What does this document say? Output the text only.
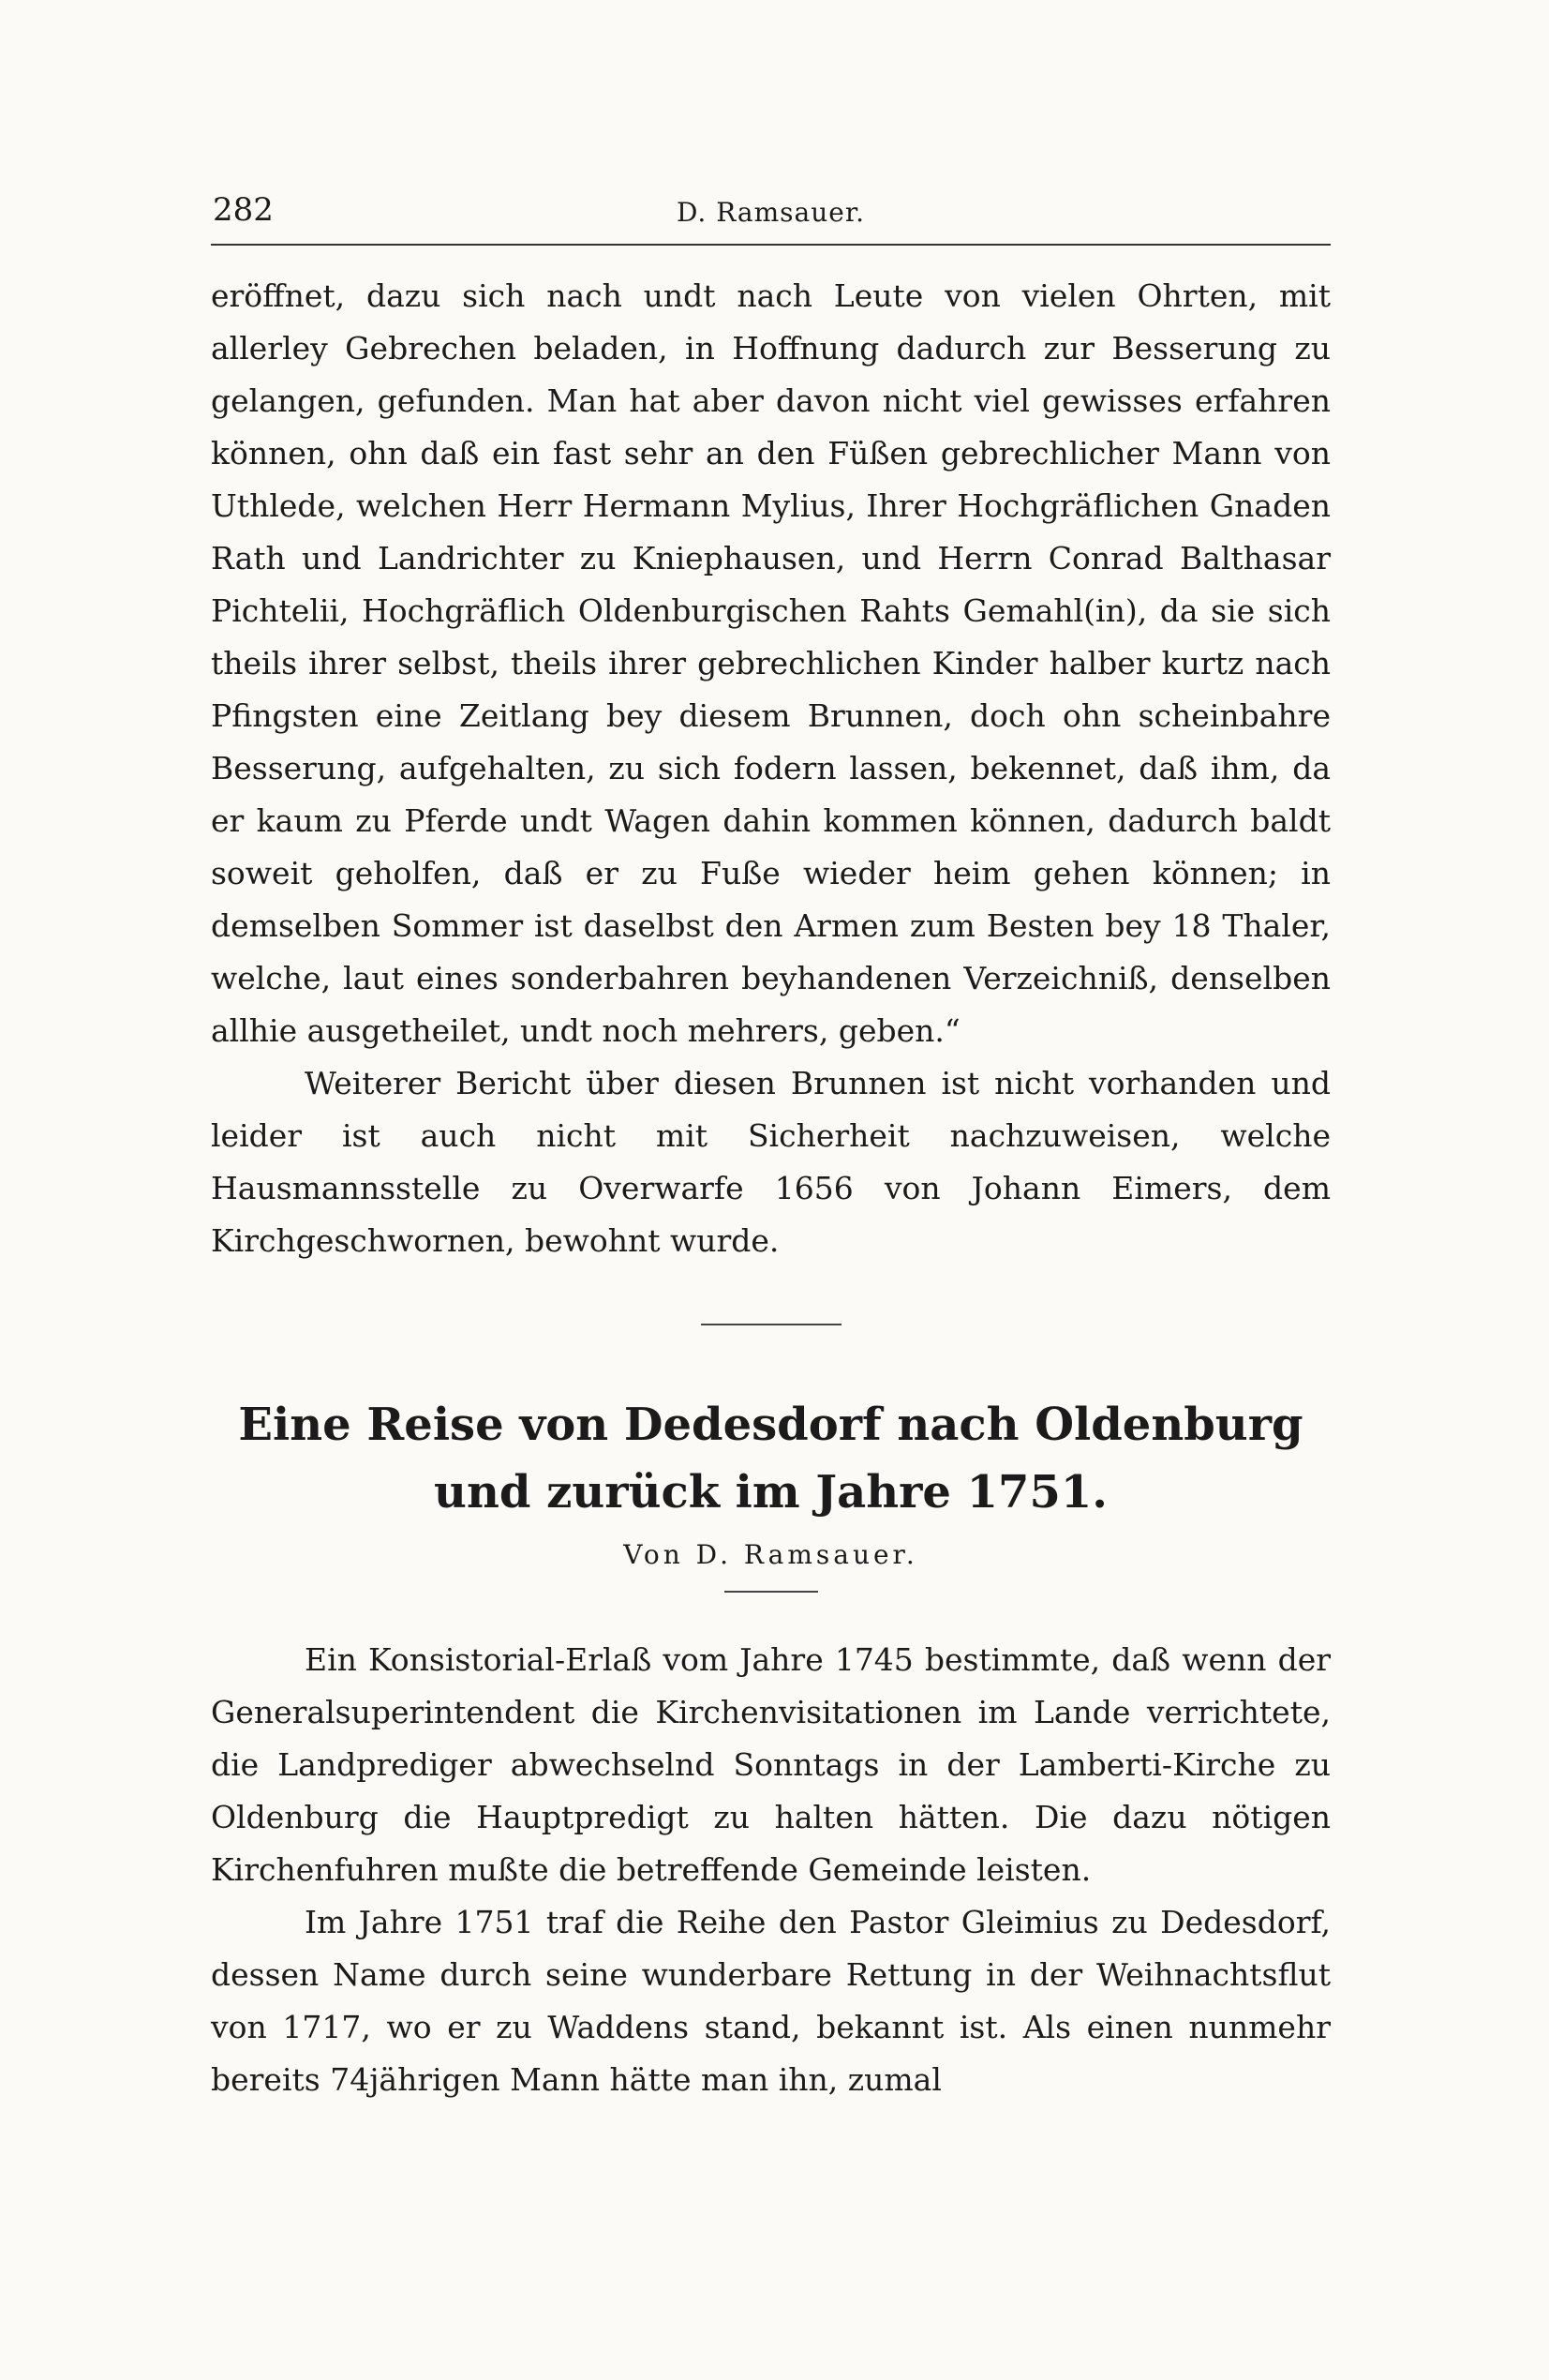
282	D. Ramsauer.

eröffnet, dazu sich nach undt nach Leute von vielen Ohrten, mit allerley Gebrechen beladen, in Hoffnung dadurch zur Besserung zu gelangen, gefunden. Man hat aber davon nicht viel gewisses erfahren können, ohn daß ein fast sehr an den Füßen gebrechlicher Mann von Uthlede, welchen Herr Hermann Mylius, Ihrer Hochgräflichen Gnaden Rath und Landrichter zu Kniephausen, und Herrn Conrad Balthasar Pichtelii, Hochgräflich Oldenburgischen Rahts Gemahl(in), da sie sich theils ihrer selbst, theils ihrer gebrechlichen Kinder halber kurtz nach Pfingsten eine Zeitlang bey diesem Brunnen, doch ohn scheinbahre Besserung, aufgehalten, zu sich fodern lassen, bekennet, daß ihm, da er kaum zu Pferde undt Wagen dahin kommen können, dadurch baldt soweit geholfen, daß er zu Fuße wieder heim gehen können; in demselben Sommer ist daselbst den Armen zum Besten bey 18 Thaler, welche, laut eines sonderbahren beyhandenen Verzeichniß, denselben allhie ausgetheilet, undt noch mehrers, geben.“

Weiterer Bericht über diesen Brunnen ist nicht vorhanden und leider ist auch nicht mit Sicherheit nachzuweisen, welche Hausmannsstelle zu Overwarfe 1656 von Johann Eimers, dem Kirchgeschwornen, bewohnt wurde.

Eine Reise von Dedesdorf nach Oldenburg
und zurück im Jahre 1751.
Von D. Ramsauer.

Ein Konsistorial-Erlaß vom Jahre 1745 bestimmte, daß wenn der Generalsuperintendent die Kirchenvisitationen im Lande verrichtete, die Landprediger abwechselnd Sonntags in der Lamberti-Kirche zu Oldenburg die Hauptpredigt zu halten hätten. Die dazu nötigen Kirchenfuhren mußte die betreffende Gemeinde leisten.

Im Jahre 1751 traf die Reihe den Pastor Gleimius zu Dedesdorf, dessen Name durch seine wunderbare Rettung in der Weihnachtsflut von 1717, wo er zu Waddens stand, bekannt ist. Als einen nunmehr bereits 74jährigen Mann hätte man ihn, zumal
